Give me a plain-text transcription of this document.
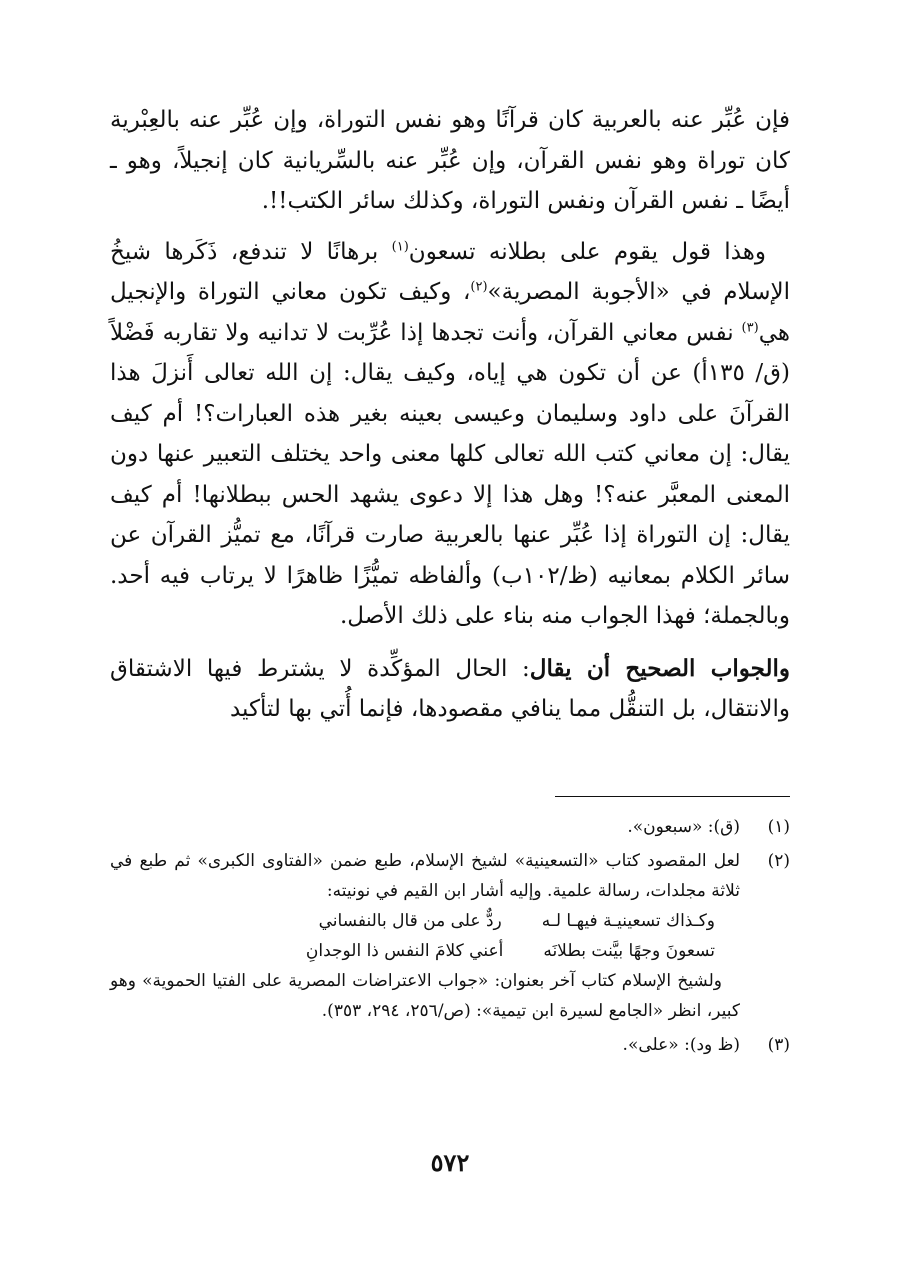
فإن عُبِّر عنه بالعربية كان قرآنًا وهو نفس التوراة، وإن عُبِّر عنه بالعِبْرية كان توراة وهو نفس القرآن، وإن عُبِّر عنه بالسِّريانية كان إنجيلاً، وهو ـ أيضًا ـ نفس القرآن ونفس التوراة، وكذلك سائر الكتب!!.

وهذا قول يقوم على بطلانه تسعون$^{(١)}$ برهانًا لا تندفع، ذَكَرها شيخُ الإسلام في «الأجوبة المصرية»$^{(٢)}$، وكيف تكون معاني التوراة والإنجيل هي$^{(٣)}$ نفس معاني القرآن، وأنت تجدها إذا عُرِّبت لا تدانيه ولا تقاربه فَضْلاً (ق/ ١٣٥أ) عن أن تكون هي إياه، وكيف يقال: إن الله تعالى أَنزلَ هذا القرآنَ على داود وسليمان وعيسى بعينه بغير هذه العبارات؟! أم كيف يقال: إن معاني كتب الله تعالى كلها معنى واحد يختلف التعبير عنها دون المعنى المعبَّر عنه؟! وهل هذا إلا دعوى يشهد الحس ببطلانها! أم كيف يقال: إن التوراة إذا عُبِّر عنها بالعربية صارت قرآنًا، مع تميُّز القرآن عن سائر الكلام بمعانيه (ظ/١٠٢ب) وألفاظه تميُّزًا ظاهرًا لا يرتاب فيه أحد. وبالجملة؛ فهذا الجواب منه بناء على ذلك الأصل.

والجواب الصحيح أن يقال: الحال المؤكِّدة لا يشترط فيها الاشتقاق والانتقال، بل التنقُّل مما ينافي مقصودها، فإنما أُتي بها لتأكيد

(١)
(ق): «سبعون».
(٢)
لعل المقصود كتاب «التسعينية» لشيخ الإسلام، طبع ضمن «الفتاوى الكبرى» ثم طبع في ثلاثة مجلدات، رسالة علمية. وإليه أشار ابن القيم في نونيته:
وكـذاك تسعينيـة فيهـا لـه
ردٌّ على من قال بالنفساني
تسعونَ وجهًا بيَّنت بطلانَه
أعني كلامَ النفس ذا الوجدانِ
ولشيخ الإسلام كتاب آخر بعنوان: «جواب الاعتراضات المصرية على الفتيا الحموية» وهو كبير، انظر «الجامع لسيرة ابن تيمية»: (ص/٢٥٦، ٢٩٤، ٣٥٣).
(٣)
(ظ ود): «على».
٥٧٢
